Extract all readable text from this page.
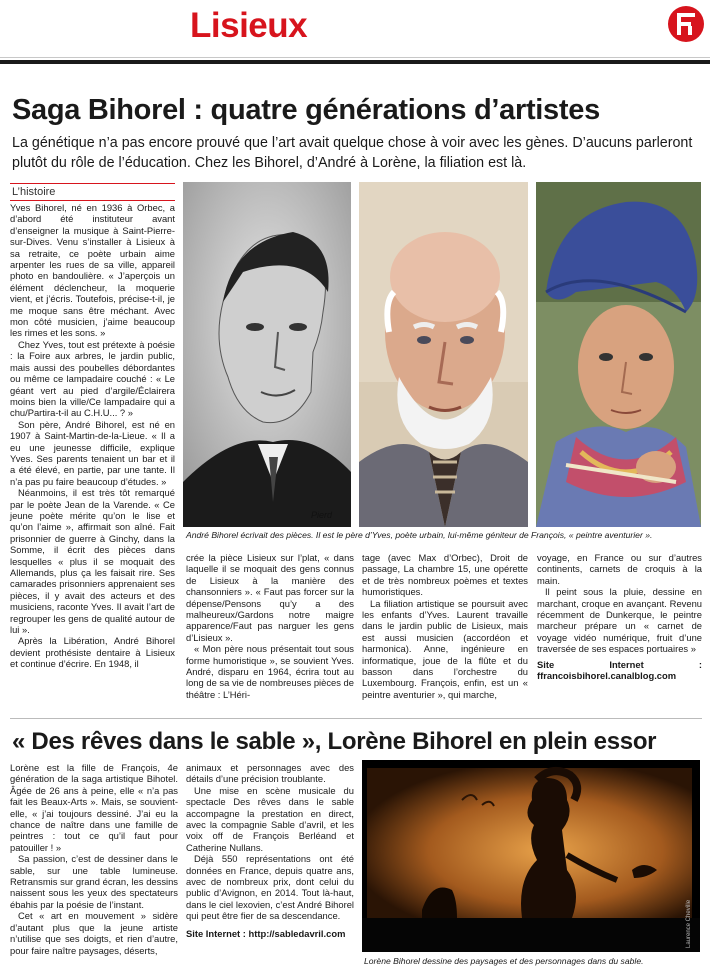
Lisieux
Saga Bihorel : quatre générations d’artistes

La génétique n’a pas encore prouvé que l’art avait quelque chose à voir avec les gènes. D’aucuns parleront plutôt du rôle de l’éducation. Chez les Bihorel, d’André à Lorène, la filiation est là.

L’histoire

Yves Bihorel, né en 1936 à Orbec, a d’abord été instituteur avant d’enseigner la musique à Saint-Pierre-sur-Dives. Venu s’installer à Lisieux à sa retraite, ce poète urbain aime arpenter les rues de sa ville, appareil photo en bandoulière. « J’aperçois un élément déclencheur, la moquerie vient, et j’écris. Toutefois, précise-t-il, je me moque sans être méchant. Avec mon côté musicien, j’aime beaucoup les rimes et les sons. »

Chez Yves, tout est prétexte à poésie : la Foire aux arbres, le jardin public, mais aussi des poubelles débordantes ou même ce lampadaire couché : « Le géant vert au pied d’argile/Éclairera moins bien la ville/Ce lampadaire qui a chu/Partira-t-il au C.H.U... ? »

Son père, André Bihorel, est né en 1907 à Saint-Martin-de-la-Lieue. « Il a eu une jeunesse difficile, explique Yves. Ses parents tenaient un bar et il a été élevé, en partie, par une tante. Il n’a pas pu faire beaucoup d’études. »

Néanmoins, il est très tôt remarqué par le poète Jean de la Varende. « Ce jeune poète mérite qu’on le lise et qu’on l’aime », affirmait son aîné. Fait prisonnier de guerre à Ginchy, dans la Somme, il écrit des pièces dans lesquelles « plus il se moquait des Allemands, plus ça les faisait rire. Ses camarades prisonniers apprenaient ses pièces, il y avait des acteurs et des musiciens, raconte Yves. Il avait l’art de regrouper les gens de qualité autour de lui ».

Après la Libération, André Bihorel devient prothésiste dentaire à Lisieux et continue d’écrire. En 1948, il

Pierd
André Bihorel écrivait des pièces. Il est le père d’Yves, poète urbain, lui-même géniteur de François, « peintre aventurier ».

crée la pièce Lisieux sur l’plat, « dans laquelle il se moquait des gens connus de Lisieux à la manière des chansonniers ». « Faut pas forcer sur la dépense/Pensons qu’y a des malheureux/Gardons notre maigre apparence/Faut pas narguer les gens d’Lisieux ».

« Mon père nous présentait tout sous forme humoristique », se souvient Yves. André, disparu en 1964, écrira tout au long de sa vie de nombreuses pièces de théâtre : L’Héri-

tage (avec Max d’Orbec), Droit de passage, La chambre 15, une opérette et de très nombreux poèmes et textes humoristiques.

La filiation artistique se poursuit avec les enfants d’Yves. Laurent travaille dans le jardin public de Lisieux, mais est aussi musicien (accordéon et harmonica). Anne, ingénieure en informatique, joue de la flûte et du basson dans l’orchestre du Luxembourg. François, enfin, est un « peintre aventurier », qui marche,

voyage, en France ou sur d’autres continents, carnets de croquis à la main.

Il peint sous la pluie, dessine en marchant, croque en avançant. Revenu récemment de Dunkerque, le peintre marcheur prépare un « carnet de voyage vidéo numérique, fruit d’une traversée de ses espaces portuaires »

Site Internet : ffrancoisbihorel.canalblog.com

« Des rêves dans le sable », Lorène Bihorel en plein essor

Lorène est la fille de François, 4e génération de la saga artistique Bihotel. Âgée de 26 ans à peine, elle « n’a pas fait les Beaux-Arts ». Mais, se souvient-elle, « j’ai toujours dessiné. J’ai eu la chance de naître dans une famille de peintres : tout ce qu’il faut pour patouiller ! »

Sa passion, c’est de dessiner dans le sable, sur une table lumineuse. Retransmis sur grand écran, les dessins naissent sous les yeux des spectateurs ébahis par la poésie de l’instant.

Cet « art en mouvement » sidère d’autant plus que la jeune artiste n’utilise que ses doigts, et rien d’autre, pour faire naître paysages, déserts,

animaux et personnages avec des détails d’une précision troublante.

Une mise en scène musicale du spectacle Des rêves dans le sable accompagne la prestation en direct, avec la compagnie Sable d’avril, et les voix off de François Berléand et Catherine Nullans.

Déjà 550 représentations ont été données en France, depuis quatre ans, avec de nombreux prix, dont celui du public d’Avignon, en 2014. Tout là-haut, dans le ciel lexovien, c’est André Bihorel qui peut être fier de sa descendance.

Site Internet : http://sabledavril.com	Laurence Cheville
Lorène Bihorel dessine des paysages et des personnages dans du sable.
